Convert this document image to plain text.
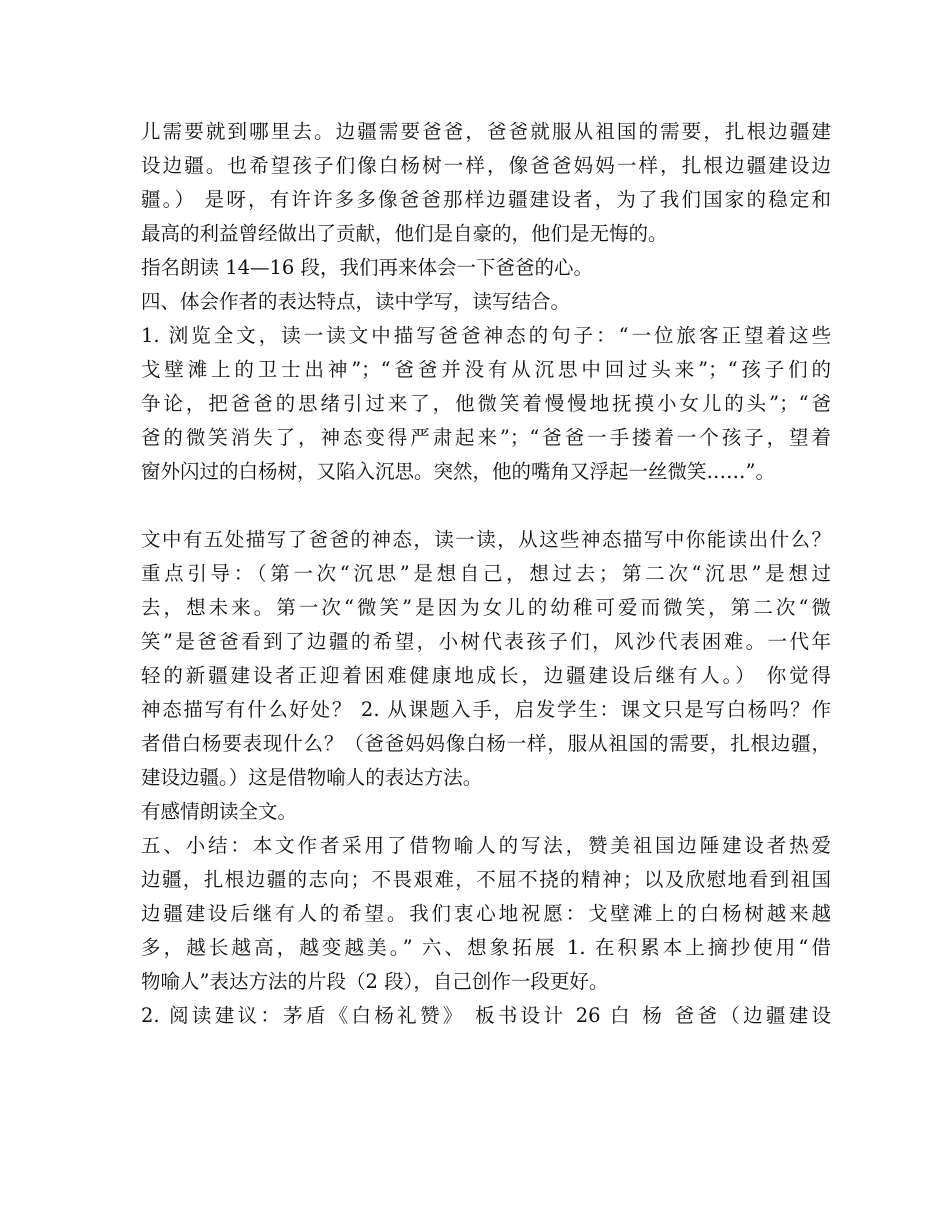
儿需要就到哪里去。边疆需要爸爸，爸爸就服从祖国的需要，扎根边疆建
设边疆。也希望孩子们像白杨树一样，像爸爸妈妈一样，扎根边疆建设边
疆。） 是呀，有许许多多像爸爸那样边疆建设者，为了我们国家的稳定和
最高的利益曾经做出了贡献，他们是自豪的，他们是无悔的。
指名朗读 14—16 段，我们再来体会一下爸爸的心。
四、体会作者的表达特点，读中学写，读写结合。
1. 浏览全文，读一读文中描写爸爸神态的句子：“一位旅客正望着这些
戈壁滩上的卫士出神”；“爸爸并没有从沉思中回过头来”；“孩子们的
争论，把爸爸的思绪引过来了，他微笑着慢慢地抚摸小女儿的头”；“爸
爸的微笑消失了，神态变得严肃起来”；“爸爸一手搂着一个孩子，望着
窗外闪过的白杨树，又陷入沉思。突然，他的嘴角又浮起一丝微笑……”。
文中有五处描写了爸爸的神态，读一读，从这些神态描写中你能读出什么？
重点引导：（第一次“沉思”是想自己，想过去；第二次“沉思”是想过
去，想未来。第一次“微笑”是因为女儿的幼稚可爱而微笑，第二次“微
笑”是爸爸看到了边疆的希望，小树代表孩子们，风沙代表困难。一代年
轻的新疆建设者正迎着困难健康地成长，边疆建设后继有人。） 你觉得
神态描写有什么好处？ 2. 从课题入手，启发学生：课文只是写白杨吗？作
者借白杨要表现什么？（爸爸妈妈像白杨一样，服从祖国的需要，扎根边疆，
建设边疆。）这是借物喻人的表达方法。
有感情朗读全文。
五、小结：本文作者采用了借物喻人的写法，赞美祖国边陲建设者热爱
边疆，扎根边疆的志向；不畏艰难，不屈不挠的精神；以及欣慰地看到祖国
边疆建设后继有人的希望。我们衷心地祝愿：戈壁滩上的白杨树越来越
多，越长越高，越变越美。” 六、想象拓展 1. 在积累本上摘抄使用“借
物喻人”表达方法的片段（2 段），自己创作一段更好。
2. 阅读建议：茅盾《白杨礼赞》 板书设计 26 白 杨 爸爸（边疆建设
